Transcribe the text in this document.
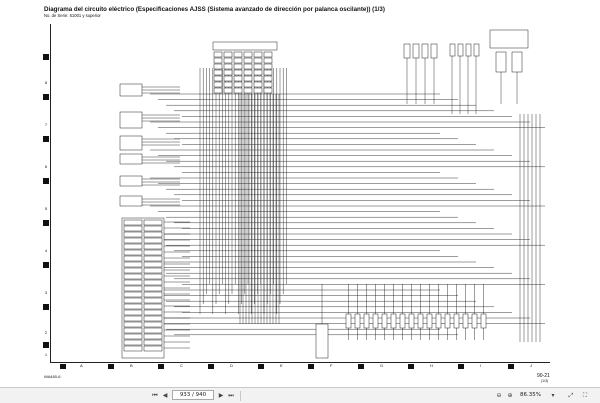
Diagrama del circuito eléctrico (Especificaciones AJSS (Sistema avanzado de dirección por palanca oscilante)) (1/3)
No. de Serie: 51001 y superior
8
7
6
5
4
3
2
1
A	B	C	D	E	F	G	H	I	J
WA480-6	90-21
(1/3)
⏮ ◀	933 / 940	▶ ⏭	⊖ ⊕	86.35%	▾	⤢	⛶
